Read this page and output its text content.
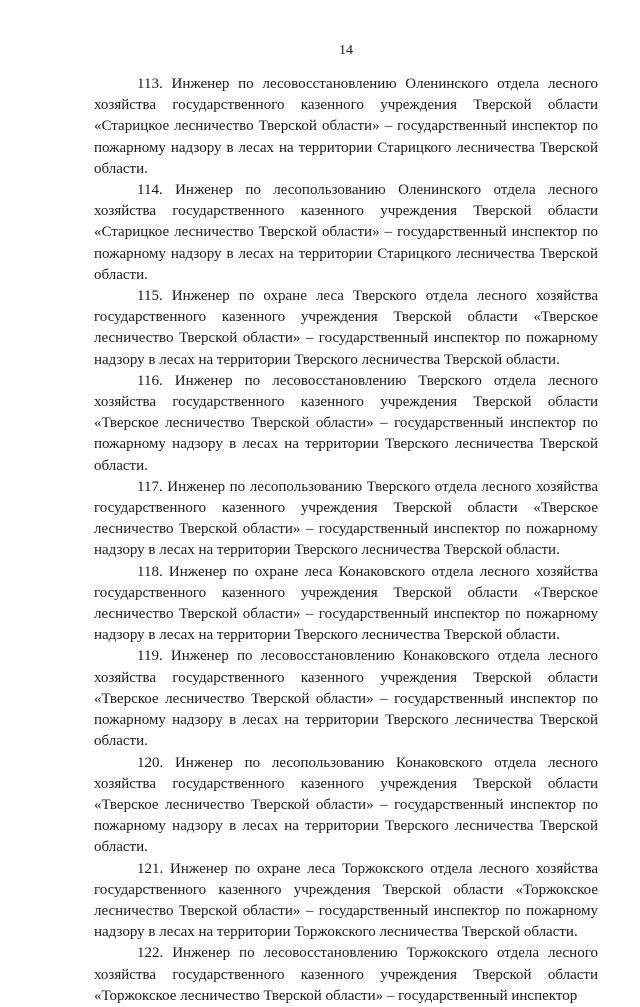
14

113. Инженер по лесовосстановлению Оленинского отдела лесного хозяйства государственного казенного учреждения Тверской области «Старицкое лесничество Тверской области» – государственный инспектор по пожарному надзору в лесах на территории Старицкого лесничества Тверской области.

114. Инженер по лесопользованию Оленинского отдела лесного хозяйства государственного казенного учреждения Тверской области «Старицкое лесничество Тверской области» – государственный инспектор по пожарному надзору в лесах на территории Старицкого лесничества Тверской области.

115. Инженер по охране леса Тверского отдела лесного хозяйства государственного казенного учреждения Тверской области «Тверское лесничество Тверской области» – государственный инспектор по пожарному надзору в лесах на территории Тверского лесничества Тверской области.

116. Инженер по лесовосстановлению Тверского отдела лесного хозяйства государственного казенного учреждения Тверской области «Тверское лесничество Тверской области» – государственный инспектор по пожарному надзору в лесах на территории Тверского лесничества Тверской области.

117. Инженер по лесопользованию Тверского отдела лесного хозяйства государственного казенного учреждения Тверской области «Тверское лесничество Тверской области» – государственный инспектор по пожарному надзору в лесах на территории Тверского лесничества Тверской области.

118. Инженер по охране леса Конаковского отдела лесного хозяйства государственного казенного учреждения Тверской области «Тверское лесничество Тверской области» – государственный инспектор по пожарному надзору в лесах на территории Тверского лесничества Тверской области.

119. Инженер по лесовосстановлению Конаковского отдела лесного хозяйства государственного казенного учреждения Тверской области «Тверское лесничество Тверской области» – государственный инспектор по пожарному надзору в лесах на территории Тверского лесничества Тверской области.

120. Инженер по лесопользованию Конаковского отдела лесного хозяйства государственного казенного учреждения Тверской области «Тверское лесничество Тверской области» – государственный инспектор по пожарному надзору в лесах на территории Тверского лесничества Тверской области.

121. Инженер по охране леса Торжокского отдела лесного хозяйства государственного казенного учреждения Тверской области «Торжокское лесничество Тверской области» – государственный инспектор по пожарному надзору в лесах на территории Торжокского лесничества Тверской области.

122. Инженер по лесовосстановлению Торжокского отдела лесного хозяйства государственного казенного учреждения Тверской области «Торжокское лесничество Тверской области» – государственный инспектор
